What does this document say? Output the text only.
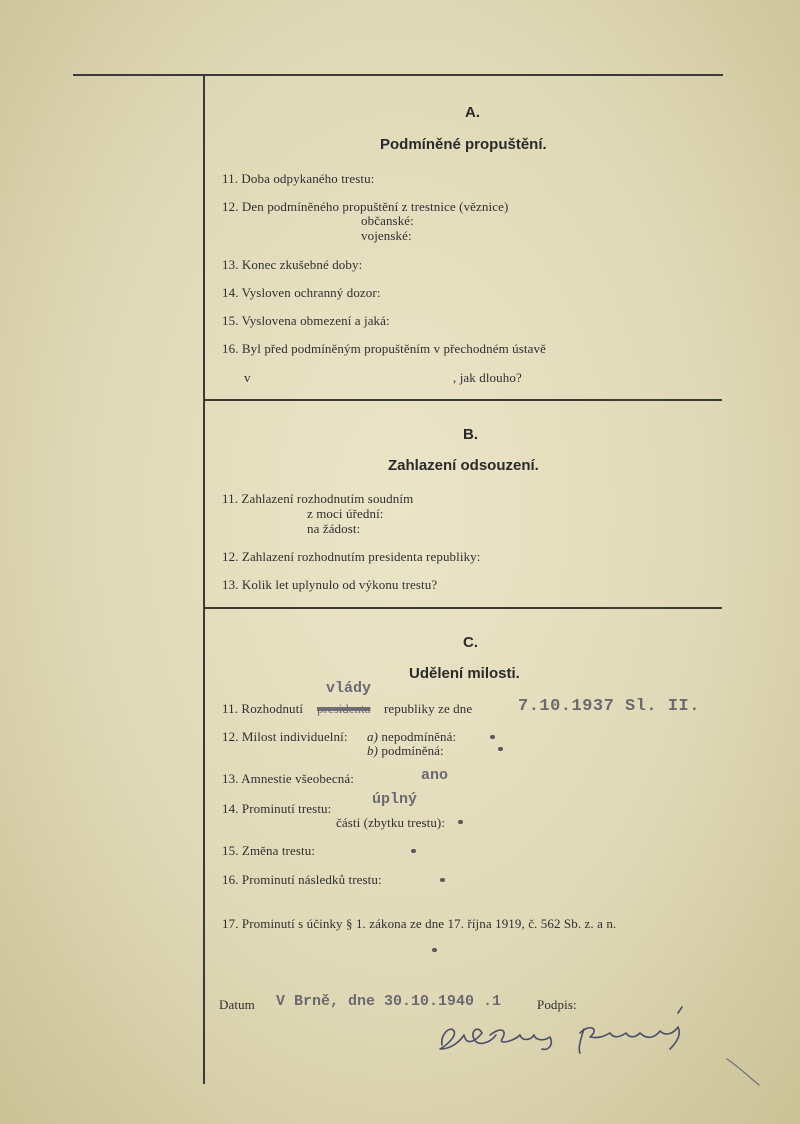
A.
Podmíněné propuštění.
11. Doba odpykaného trestu:
12. Den podmíněného propuštění z trestnice (věznice)
občanské:
vojenské:
13. Konec zkušebné doby:
14. Vysloven ochranný dozor:
15. Vyslovena obmezení a jaká:
16. Byl před podmíněným propuštěním v přechodném ústavě
v	, jak dlouho?
B.
Zahlazení odsouzení.
11. Zahlazení rozhodnutím soudním
z moci úřední:
na žádost:
12. Zahlazení rozhodnutím presidenta republiky:
13. Kolik let uplynulo od výkonu trestu?
C.
Udělení milosti.
vlády
11. Rozhodnutí presidenta republiky ze dne	7.10.1937 Sl. II.
12. Milost individuelní: a) nepodmíněná:
b) podmíněná:
13. Amnestie všeobecná:	ano
úplný
14. Prominutí trestu:
části (zbytku trestu):
15. Změna trestu:
16. Prominutí následků trestu:
17. Prominutí s účinky § 1. zákona ze dne 17. října 1919, č. 562 Sb. z. a n.
Datum V Brně, dne 30.10.1940 .1	Podpis:
